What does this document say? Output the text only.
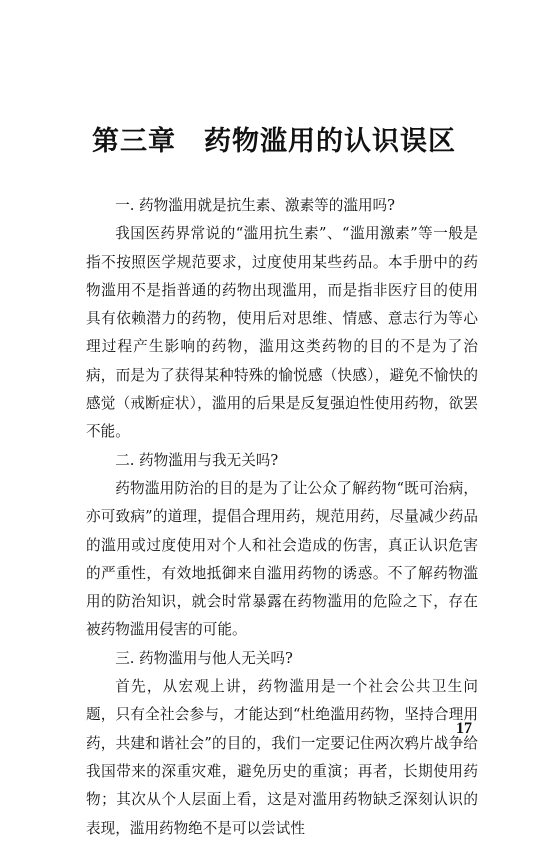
第三章　药物滥用的认识误区

一. 药物滥用就是抗生素、激素等的滥用吗?

我国医药界常说的“滥用抗生素”、“滥用激素”等一般是指不按照医学规范要求，过度使用某些药品。本手册中的药物滥用不是指普通的药物出现滥用，而是指非医疗目的使用具有依赖潜力的药物，使用后对思维、情感、意志行为等心理过程产生影响的药物，滥用这类药物的目的不是为了治病，而是为了获得某种特殊的愉悦感（快感），避免不愉快的感觉（戒断症状），滥用的后果是反复强迫性使用药物，欲罢不能。

二. 药物滥用与我无关吗?

药物滥用防治的目的是为了让公众了解药物“既可治病，亦可致病”的道理，提倡合理用药，规范用药，尽量减少药品的滥用或过度使用对个人和社会造成的伤害，真正认识危害的严重性，有效地抵御来自滥用药物的诱惑。不了解药物滥用的防治知识，就会时常暴露在药物滥用的危险之下，存在被药物滥用侵害的可能。

三. 药物滥用与他人无关吗?

首先，从宏观上讲，药物滥用是一个社会公共卫生问题，只有全社会参与，才能达到“杜绝滥用药物，坚持合理用药，共建和谐社会”的目的，我们一定要记住两次鸦片战争给我国带来的深重灾难，避免历史的重演；再者，长期使用药物；其次从个人层面上看，这是对滥用药物缺乏深刻认识的表现，滥用药物绝不是可以尝试性

17
